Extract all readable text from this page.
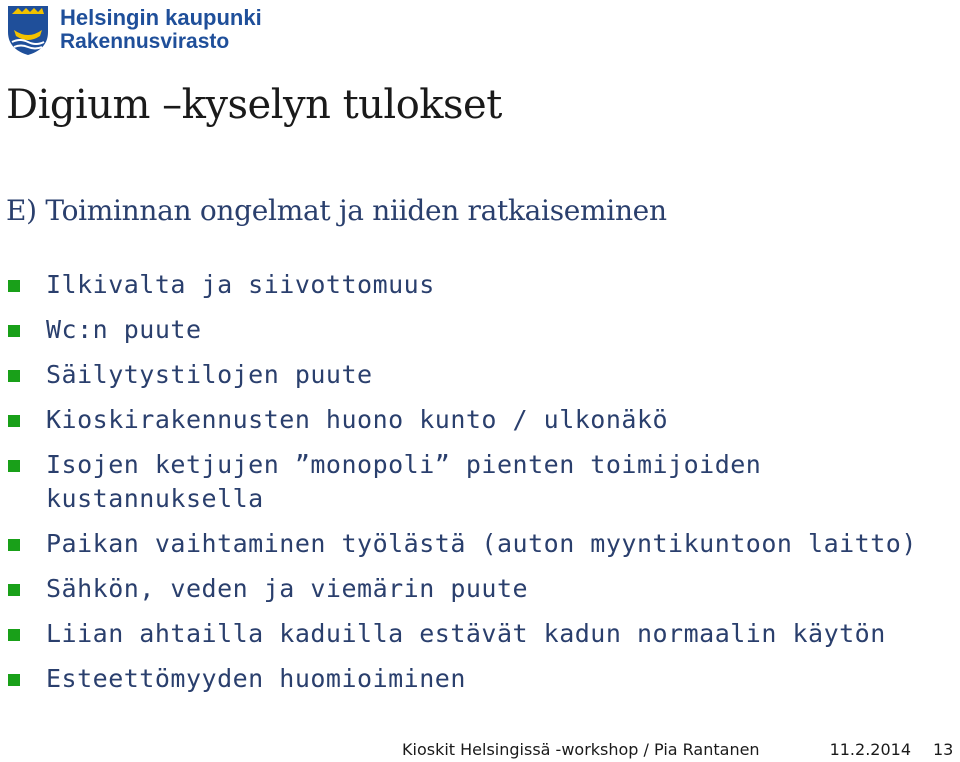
Helsingin kaupunki
Rakennusvirasto
Digium –kyselyn tulokset
E) Toiminnan ongelmat ja niiden ratkaiseminen
Ilkivalta ja siivottomuus
Wc:n puute
Säilytystilojen puute
Kioskirakennusten huono kunto / ulkonäkö
Isojen ketjujen ”monopoli” pienten toimijoiden kustannuksella
Paikan vaihtaminen työlästä (auton myyntikuntoon laitto)
Sähkön, veden ja viemärin puute
Liian ahtailla kaduilla estävät kadun normaalin käytön
Esteettömyyden huomioiminen
Kioskit Helsingissä -workshop / Pia Rantanen	11.2.2014 13
